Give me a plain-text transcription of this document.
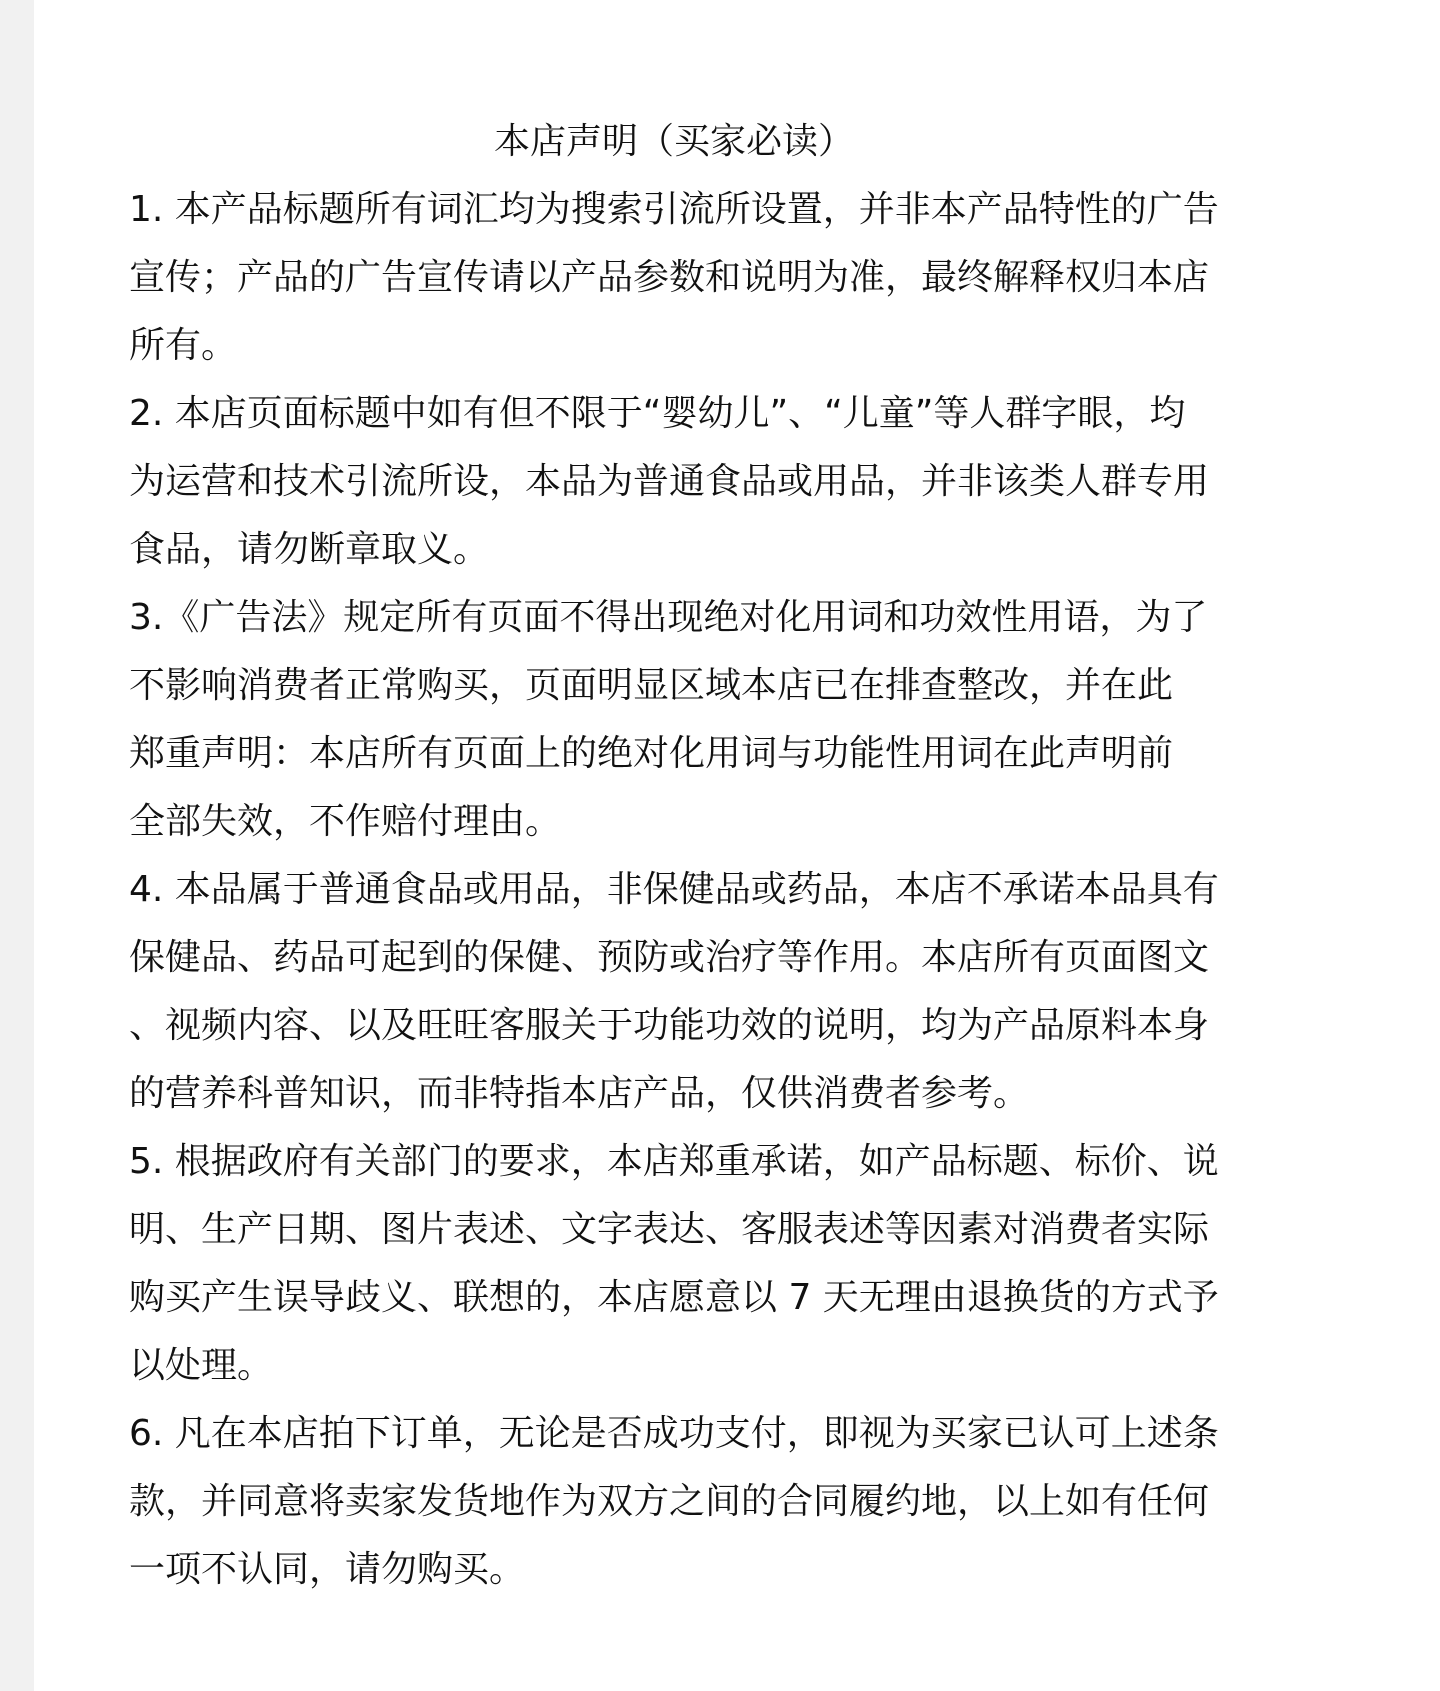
本店声明（买家必读）

1. 本产品标题所有词汇均为搜索引流所设置，并非本产品特性的广告
宣传；产品的广告宣传请以产品参数和说明为准，最终解释权归本店
所有。

2. 本店页面标题中如有但不限于“婴幼儿”、“儿童”等人群字眼，均
为运营和技术引流所设，本品为普通食品或用品，并非该类人群专用
食品，请勿断章取义。

3.《广告法》规定所有页面不得出现绝对化用词和功效性用语，为了
不影响消费者正常购买，页面明显区域本店已在排查整改，并在此
郑重声明：本店所有页面上的绝对化用词与功能性用词在此声明前
全部失效，不作赔付理由。

4. 本品属于普通食品或用品，非保健品或药品，本店不承诺本品具有
保健品、药品可起到的保健、预防或治疗等作用。本店所有页面图文
、视频内容、以及旺旺客服关于功能功效的说明，均为产品原料本身
的营养科普知识，而非特指本店产品，仅供消费者参考。

5. 根据政府有关部门的要求，本店郑重承诺，如产品标题、标价、说
明、生产日期、图片表述、文字表达、客服表述等因素对消费者实际
购买产生误导歧义、联想的，本店愿意以 7 天无理由退换货的方式予
以处理。

6. 凡在本店拍下订单，无论是否成功支付，即视为买家已认可上述条
款，并同意将卖家发货地作为双方之间的合同履约地，以上如有任何
一项不认同，请勿购买。
